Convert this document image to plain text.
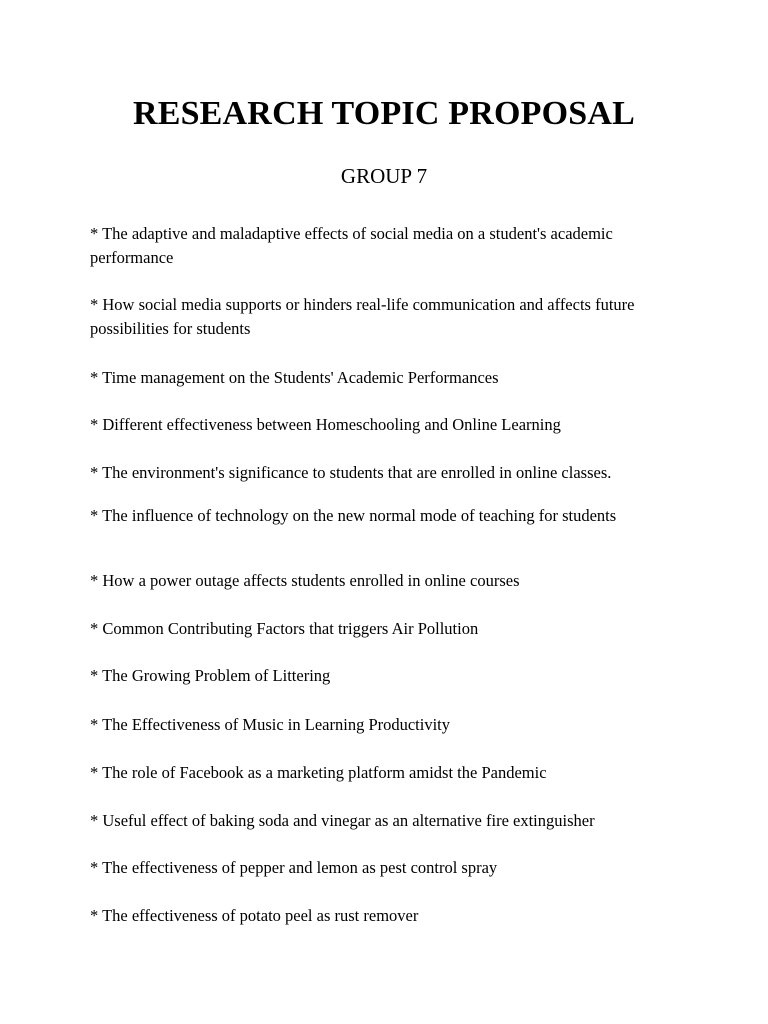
RESEARCH TOPIC PROPOSAL
GROUP 7
* The adaptive and maladaptive effects of social media on a student's academic performance
* How social media supports or hinders real-life communication and affects future possibilities for students
* Time management on the Students' Academic Performances
* Different effectiveness between Homeschooling and Online Learning
* The environment's significance to students that are enrolled in online classes.
* The influence of technology on the new normal mode of teaching for students
* How a power outage affects students enrolled in online courses
* Common Contributing Factors that triggers Air Pollution
* The Growing Problem of Littering
* The Effectiveness of Music in Learning Productivity
* The role of Facebook as a marketing platform amidst the Pandemic
* Useful effect of baking soda and vinegar as an alternative fire extinguisher
* The effectiveness of pepper and lemon as pest control spray
* The effectiveness of potato peel as rust remover
